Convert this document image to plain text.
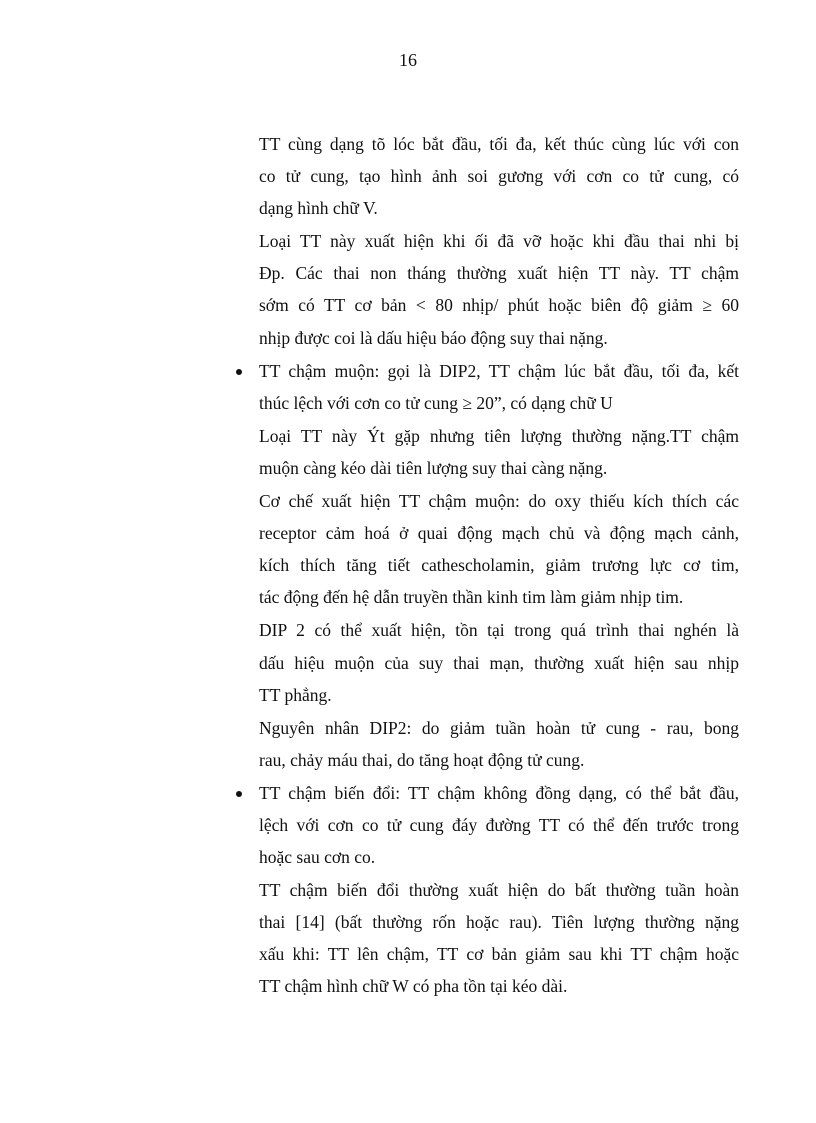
16
TT cùng dạng tõ lóc bắt đầu, tối đa, kết thúc cùng lúc với con
co tử cung, tạo hình ảnh soi gương với cơn co tử cung, có
dạng hình chữ V.
Loại TT này xuất hiện khi ối đã vỡ hoặc khi đầu thai nhi bị
Đp. Các thai non tháng thường xuất hiện TT này. TT chậm
sớm có TT cơ bản < 80 nhịp/ phút hoặc biên độ giảm ≥ 60
nhịp được coi là dấu hiệu báo động suy thai nặng.
TT chậm muộn: gọi là DIP2, TT chậm lúc bắt đầu, tối đa, kết
thúc lệch với cơn co tử cung ≥ 20”, có dạng chữ U
Loại TT này Ýt gặp nhưng tiên lượng thường nặng.TT chậm
muộn càng kéo dài tiên lượng suy thai càng nặng.
Cơ chế xuất hiện TT chậm muộn: do oxy thiếu kích thích các
receptor cảm hoá ở quai động mạch chủ và động mạch cảnh,
kích thích tăng tiết cathescholamin, giảm trương lực cơ tim,
tác động đến hệ dẫn truyền thần kinh tim làm giảm nhịp tim.
DIP 2 có thể xuất hiện, tồn tại trong quá trình thai nghén là
dấu hiệu muộn của suy thai mạn, thường xuất hiện sau nhịp
TT phẳng.
Nguyên nhân DIP2: do giảm tuần hoàn tử cung - rau, bong
rau, chảy máu thai, do tăng hoạt động tử cung.
TT chậm biến đổi: TT chậm không đồng dạng, có thể bắt đầu,
lệch với cơn co tử cung đáy đường TT có thể đến trước trong
hoặc sau cơn co.
TT chậm biến đổi thường xuất hiện do bất thường tuần hoàn
thai [14] (bất thường rốn hoặc rau). Tiên lượng thường nặng
xấu khi: TT lên chậm, TT cơ bản giảm sau khi TT chậm hoặc
TT chậm hình chữ W có pha tồn tại kéo dài.
